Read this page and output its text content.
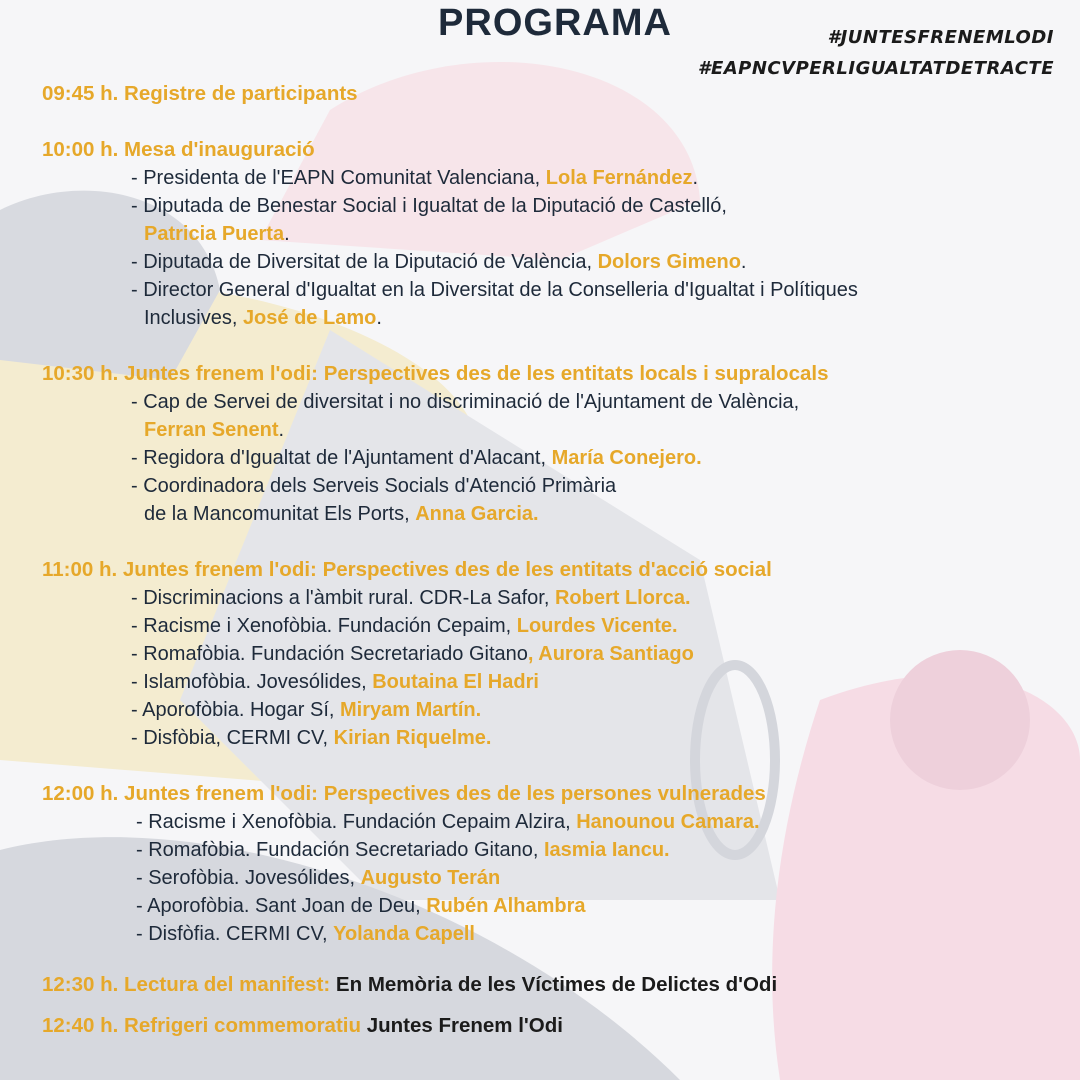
PROGRAMA	#JUNTESFRENEMLODI
#EAPNCVPERLIGUALTATDETRACTE
09:45 h. Registre de participants
10:00 h. Mesa d'inauguració
- Presidenta de l'EAPN Comunitat Valenciana, Lola Fernández.
- Diputada de Benestar Social i Igualtat de la Diputació de Castelló,
Patricia Puerta.
- Diputada de Diversitat de la Diputació de València, Dolors Gimeno.
- Director General d'Igualtat en la Diversitat de la Conselleria d'Igualtat i Polítiques
Inclusives, José de Lamo.
10:30 h. Juntes frenem l'odi: Perspectives des de les entitats locals i supralocals
- Cap de Servei de diversitat i no discriminació de l'Ajuntament de València,
Ferran Senent.
- Regidora d'Igualtat de l'Ajuntament d'Alacant, María Conejero.
- Coordinadora dels Serveis Socials d'Atenció Primària
de la Mancomunitat Els Ports, Anna Garcia.
11:00 h. Juntes frenem l'odi: Perspectives des de les entitats d'acció social
- Discriminacions a l'àmbit rural. CDR-La Safor, Robert Llorca.
- Racisme i Xenofòbia. Fundación Cepaim, Lourdes Vicente.
- Romafòbia. Fundación Secretariado Gitano, Aurora Santiago
- Islamofòbia. Jovesólides, Boutaina El Hadri
- Aporofòbia. Hogar Sí, Miryam Martín.
- Disfòbia, CERMI CV, Kirian Riquelme.
12:00 h. Juntes frenem l'odi: Perspectives des de les persones vulnerades
- Racisme i Xenofòbia. Fundación Cepaim Alzira, Hanounou Camara.
- Romafòbia. Fundación Secretariado Gitano, Iasmia Iancu.
- Serofòbia. Jovesólides, Augusto Terán
- Aporofòbia. Sant Joan de Deu, Rubén Alhambra
- Disfòfia. CERMI CV, Yolanda Capell
12:30 h. Lectura del manifest: En Memòria de les Víctimes de Delictes d'Odi
12:40 h. Refrigeri commemoratiu Juntes Frenem l'Odi
